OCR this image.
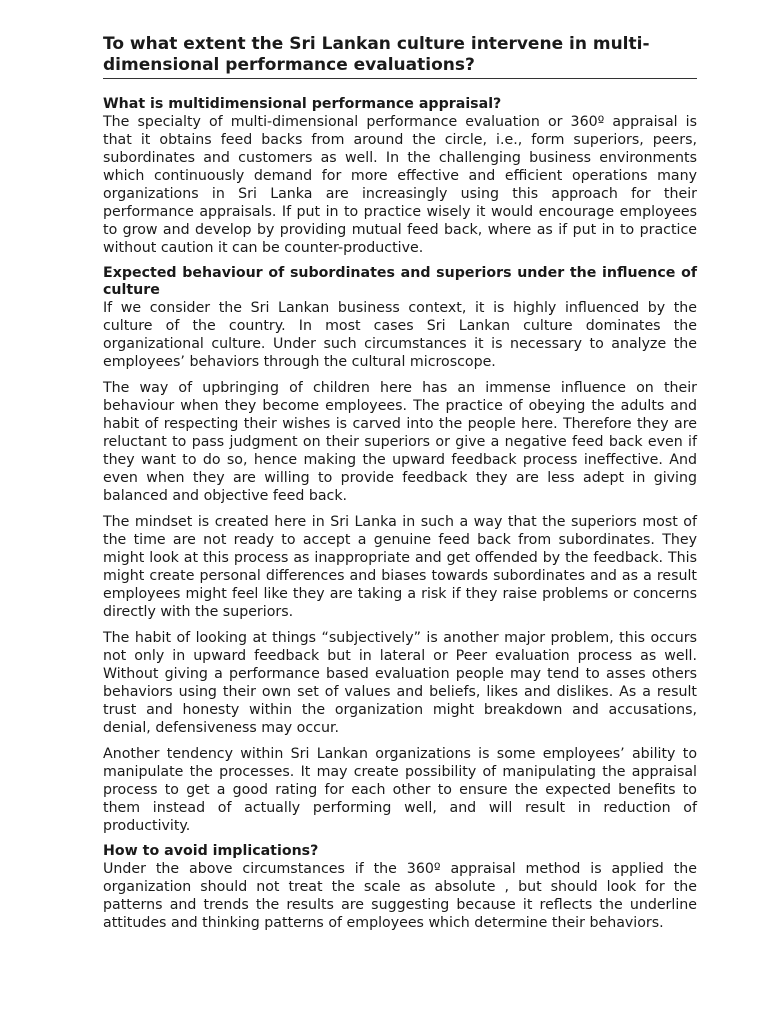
To what extent the Sri Lankan culture intervene in multi-dimensional performance evaluations?
What is multidimensional performance appraisal?

The specialty of multi-dimensional performance evaluation or 360º appraisal is that it obtains feed backs from around the circle, i.e., form superiors, peers, subordinates and customers as well. In the challenging business environments which continuously demand for more effective and efficient operations many organizations in Sri Lanka are increasingly using this approach for their performance appraisals. If put in to practice wisely it would encourage employees to grow and develop by providing mutual feed back, where as if put in to practice without caution it can be counter-productive.

Expected behaviour of subordinates and superiors under the influence of culture

If we consider the Sri Lankan business context, it is highly influenced by the culture of the country. In most cases Sri Lankan culture dominates the organizational culture. Under such circumstances it is necessary to analyze the employees’ behaviors through the cultural microscope.

The way of upbringing of children here has an immense influence on their behaviour when they become employees. The practice of obeying the adults and habit of respecting their wishes is carved into the people here. Therefore they are reluctant to pass judgment on their superiors or give a negative feed back even if they want to do so, hence making the upward feedback process ineffective. And even when they are willing to provide feedback they are less adept in giving balanced and objective feed back.

The mindset is created here in Sri Lanka in such a way that the superiors most of the time are not ready to accept a genuine feed back from subordinates. They might look at this process as inappropriate and get offended by the feedback. This might create personal differences and biases towards subordinates and as a result employees might feel like they are taking a risk if they raise problems or concerns directly with the superiors.

The habit of looking at things “subjectively” is another major problem, this occurs not only in upward feedback but in lateral or Peer evaluation process as well. Without giving a performance based evaluation people may tend to asses others behaviors using their own set of values and beliefs, likes and dislikes. As a result trust and honesty within the organization might breakdown and accusations, denial, defensiveness may occur.

Another tendency within Sri Lankan organizations is some employees’ ability to manipulate the processes. It may create possibility of manipulating the appraisal process to get a good rating for each other to ensure the expected benefits to them instead of actually performing well, and will result in reduction of productivity.

How to avoid implications?

Under the above circumstances if the 360º appraisal method is applied the organization should not treat the scale as absolute , but should look for the patterns and trends the results are suggesting because it reflects the underline attitudes and thinking patterns of employees which determine their behaviors.
